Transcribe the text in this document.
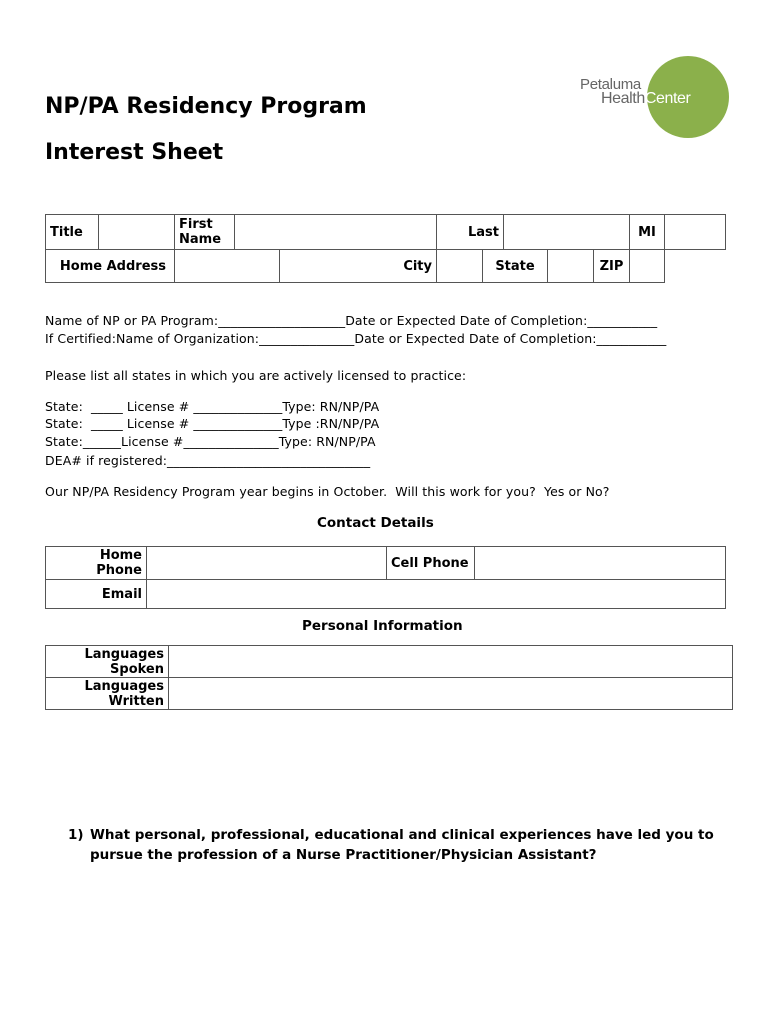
Petaluma
HealthCenter
NP/PA Residency Program
Interest Sheet
Title		First Name			Last					MI	
Home Address				City		State			ZIP		
Name of NP or PA Program:____________________Date or Expected Date of Completion:___________
If Certified:Name of Organization:_______________Date or Expected Date of Completion:___________
Please list all states in which you are actively licensed to practice:
State:  _____ License # ______________Type: RN/NP/PA
State:  _____ License # ______________Type :RN/NP/PA
State:______License #_______________Type: RN/NP/PA
DEA# if registered:________________________________
Our NP/PA Residency Program year begins in October.  Will this work for you?  Yes or No?
Contact Details
Home Phone		Cell Phone	
Email			
Personal Information
Languages Spoken	
Languages Written	
1) What personal, professional, educational and clinical experiences have led you to pursue the profession of a Nurse Practitioner/Physician Assistant?
